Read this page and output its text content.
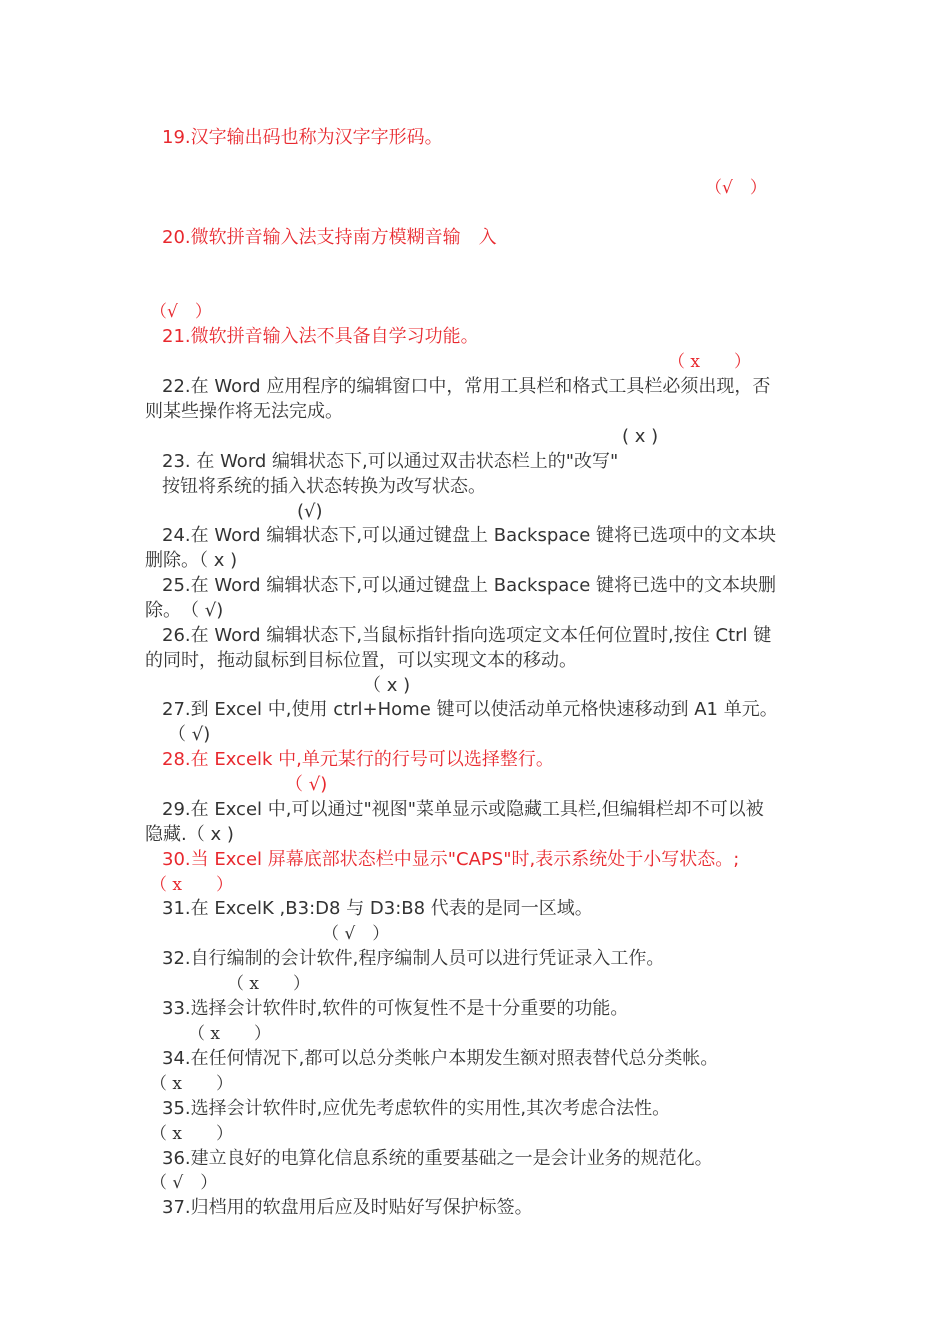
19.汉字输出码也称为汉字字形码。
（√　）
20.微软拼音输入法支持南方模糊音输　入
（√　）
21.微软拼音输入法不具备自学习功能。
（ x　　）
22.在 Word 应用程序的编辑窗口中，常用工具栏和格式工具栏必须出现，否
则某些操作将无法完成。
( x )
23. 在 Word 编辑状态下,可以通过双击状态栏上的"改写"
按钮将系统的插入状态转换为改写状态。
(√)
24.在 Word 编辑状态下,可以通过键盘上 Backspace 键将已选项中的文本块
删除。（ x )
25.在 Word 编辑状态下,可以通过键盘上 Backspace 键将已选中的文本块删
除。　（ √)
26.在 Word 编辑状态下,当鼠标指针指向选项定文本任何位置时,按住 Ctrl 键
的同时，拖动鼠标到目标位置，可以实现文本的移动。
（ x )
27.到 Excel 中,使用 ctrl+Home 键可以使活动单元格快速移动到 A1 单元。
（ √)
28.在 Excelk 中,单元某行的行号可以选择整行。
（ √)
29.在 Excel 中,可以通过"视图"菜单显示或隐藏工具栏,但编辑栏却不可以被
隐藏.（ x )
30.当 Excel 屏幕底部状态栏中显示"CAPS"时,表示系统处于小写状态。;
（ x　　）
31.在 ExcelK ,B3:D8 与 D3:B8 代表的是同一区域。
（ √　）
32.自行编制的会计软件,程序编制人员可以进行凭证录入工作。
（ x　　）
33.选择会计软件时,软件的可恢复性不是十分重要的功能。
（ x　　）
34.在任何情况下,都可以总分类帐户本期发生额对照表替代总分类帐。
（ x　　）
35.选择会计软件时,应优先考虑软件的实用性,其次考虑合法性。
（ x　　）
36.建立良好的电算化信息系统的重要基础之一是会计业务的规范化。
（ √　）
37.归档用的软盘用后应及时贴好写保护标签。
